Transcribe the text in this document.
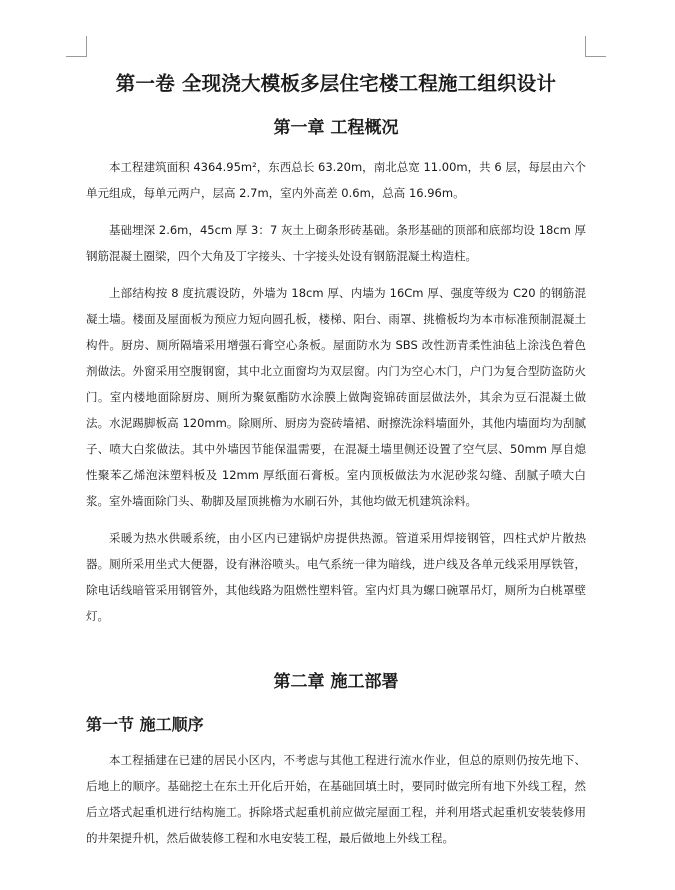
第一卷 全现浇大模板多层住宅楼工程施工组织设计
第一章 工程概况

本工程建筑面积 4364.95m²，东西总长 63.20m，南北总宽 11.00m，共 6 层，每层由六个单元组成，每单元两户，层高 2.7m，室内外高差 0.6m，总高 16.96m。

基础埋深 2.6m，45cm 厚 3：7 灰土上砌条形砖基础。条形基础的顶部和底部均设 18cm 厚钢筋混凝土圈梁，四个大角及丁字接头、十字接头处设有钢筋混凝土构造柱。

上部结构按 8 度抗震设防，外墙为 18cm 厚、内墙为 16Cm 厚、强度等级为 C20 的钢筋混凝土墙。楼面及屋面板为预应力短向圆孔板，楼梯、阳台、雨罩、挑檐板均为本市标准预制混凝土构件。厨房、厕所隔墙采用增强石膏空心条板。屋面防水为 SBS 改性沥青柔性油毡上涂浅色着色剂做法。外窗采用空腹钢窗，其中北立面窗均为双层窗。内门为空心木门，户门为复合型防盗防火门。室内楼地面除厨房、厕所为聚氨酯防水涂膜上做陶瓷锦砖面层做法外，其余为豆石混凝土做法。水泥踢脚板高 120mm。除厕所、厨房为瓷砖墙裙、耐擦洗涂料墙面外，其他内墙面均为刮腻子、喷大白浆做法。其中外墙因节能保温需要，在混凝土墙里侧还设置了空气层、50mm 厚自熄性聚苯乙烯泡沫塑料板及 12mm 厚纸面石膏板。室内顶板做法为水泥砂浆勾缝、刮腻子喷大白浆。室外墙面除门头、勒脚及屋顶挑檐为水刷石外，其他均做无机建筑涂料。

采暖为热水供暖系统，由小区内已建锅炉房提供热源。管道采用焊接钢管，四柱式炉片散热器。厕所采用坐式大便器，设有淋浴喷头。电气系统一律为暗线，进户线及各单元线采用厚铁管，除电话线暗管采用钢管外，其他线路为阻燃性塑料管。室内灯具为螺口碗罩吊灯，厕所为白桃罩壁灯。

第二章 施工部署
第一节 施工顺序

本工程插建在已建的居民小区内，不考虑与其他工程进行流水作业，但总的原则仍按先地下、后地上的顺序。基础挖土在东土开化后开始，在基础回填土时，要同时做完所有地下外线工程，然后立塔式起重机进行结构施工。拆除塔式起重机前应做完屋面工程，并利用塔式起重机安装装修用的井架提升机，然后做装修工程和水电安装工程，最后做地上外线工程。
